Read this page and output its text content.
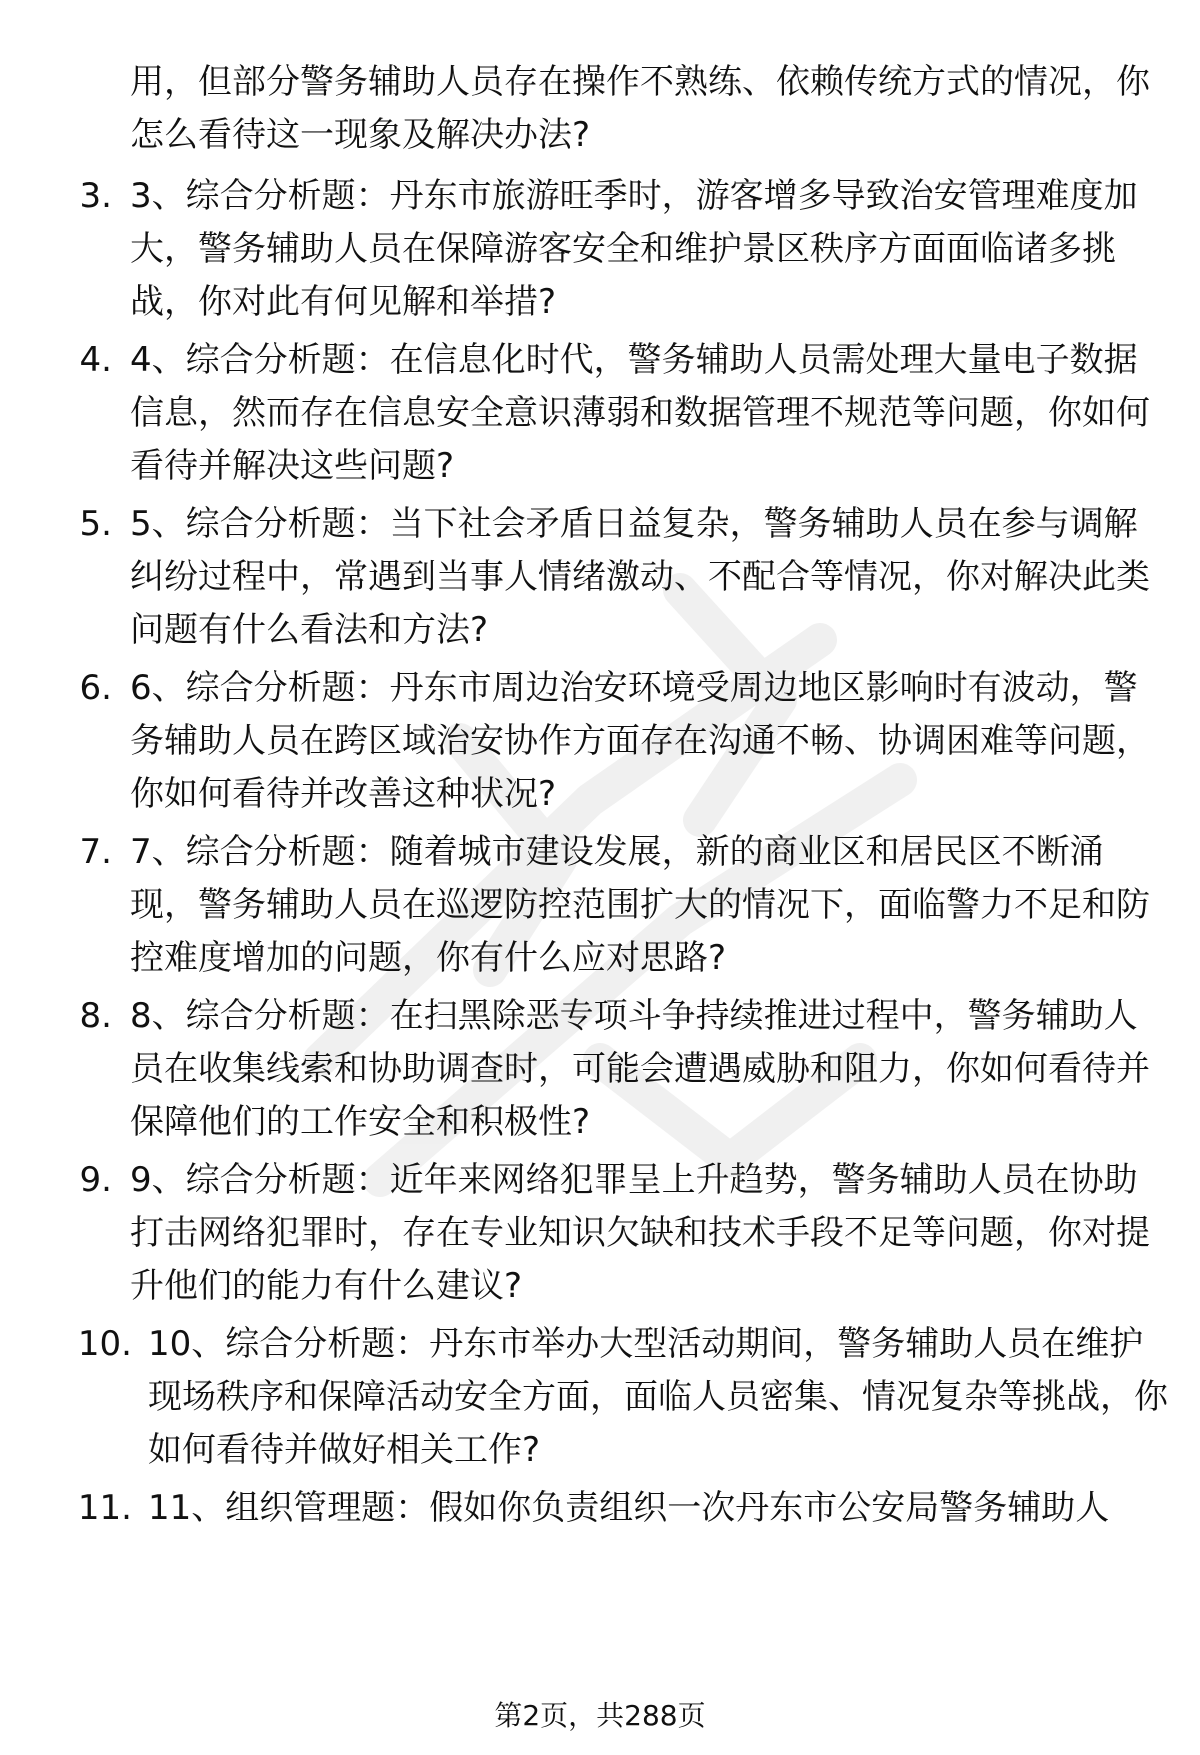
用，但部分警务辅助人员存在操作不熟练、依赖传统方式的情况，你怎么看待这一现象及解决办法?
3. 3、综合分析题：丹东市旅游旺季时，游客增多导致治安管理难度加大，警务辅助人员在保障游客安全和维护景区秩序方面面临诸多挑战，你对此有何见解和举措?
4. 4、综合分析题：在信息化时代，警务辅助人员需处理大量电子数据信息，然而存在信息安全意识薄弱和数据管理不规范等问题，你如何看待并解决这些问题?
5. 5、综合分析题：当下社会矛盾日益复杂，警务辅助人员在参与调解纠纷过程中，常遇到当事人情绪激动、不配合等情况，你对解决此类问题有什么看法和方法?
6. 6、综合分析题：丹东市周边治安环境受周边地区影响时有波动，警务辅助人员在跨区域治安协作方面存在沟通不畅、协调困难等问题，你如何看待并改善这种状况?
7. 7、综合分析题：随着城市建设发展，新的商业区和居民区不断涌现，警务辅助人员在巡逻防控范围扩大的情况下，面临警力不足和防控难度增加的问题，你有什么应对思路?
8. 8、综合分析题：在扫黑除恶专项斗争持续推进过程中，警务辅助人员在收集线索和协助调查时，可能会遭遇威胁和阻力，你如何看待并保障他们的工作安全和积极性?
9. 9、综合分析题：近年来网络犯罪呈上升趋势，警务辅助人员在协助打击网络犯罪时，存在专业知识欠缺和技术手段不足等问题，你对提升他们的能力有什么建议?
10. 10、综合分析题：丹东市举办大型活动期间，警务辅助人员在维护现场秩序和保障活动安全方面，面临人员密集、情况复杂等挑战，你如何看待并做好相关工作?
11. 11、组织管理题：假如你负责组织一次丹东市公安局警务辅助人
第2页，共288页
